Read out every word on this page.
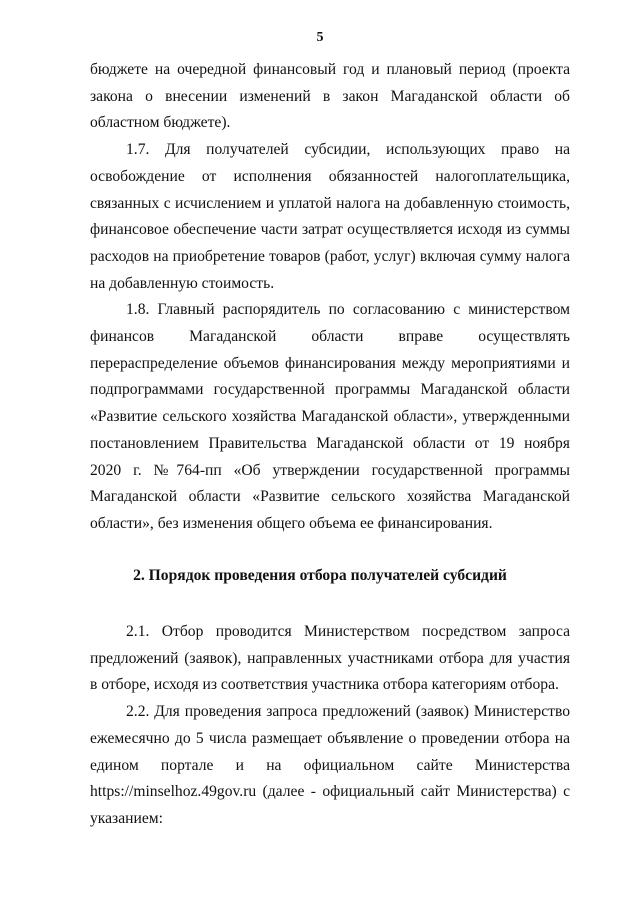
5

бюджете на очередной финансовый год и плановый период (проекта закона о внесении изменений в закон Магаданской области об областном бюджете).

1.7. Для получателей субсидии, использующих право на освобождение от исполнения обязанностей налогоплательщика, связанных с исчислением и уплатой налога на добавленную стоимость, финансовое обеспечение части затрат осуществляется исходя из суммы расходов на приобретение товаров (работ, услуг) включая сумму налога на добавленную стоимость.

1.8. Главный распорядитель по согласованию с министерством финансов Магаданской области вправе осуществлять перераспределение объемов финансирования между мероприятиями и подпрограммами государственной программы Магаданской области «Развитие сельского хозяйства Магаданской области», утвержденными постановлением Правительства Магаданской области от 19 ноября 2020 г. №764-пп «Об утверждении государственной программы Магаданской области «Развитие сельского хозяйства Магаданской области», без изменения общего объема ее финансирования.

2. Порядок проведения отбора получателей субсидий

2.1. Отбор проводится Министерством посредством запроса предложений (заявок), направленных участниками отбора для участия в отборе, исходя из соответствия участника отбора категориям отбора.

2.2. Для проведения запроса предложений (заявок) Министерство ежемесячно до 5 числа размещает объявление о проведении отбора на едином портале и на официальном сайте Министерства https://minselhoz.49gov.ru (далее - официальный сайт Министерства) с указанием:
